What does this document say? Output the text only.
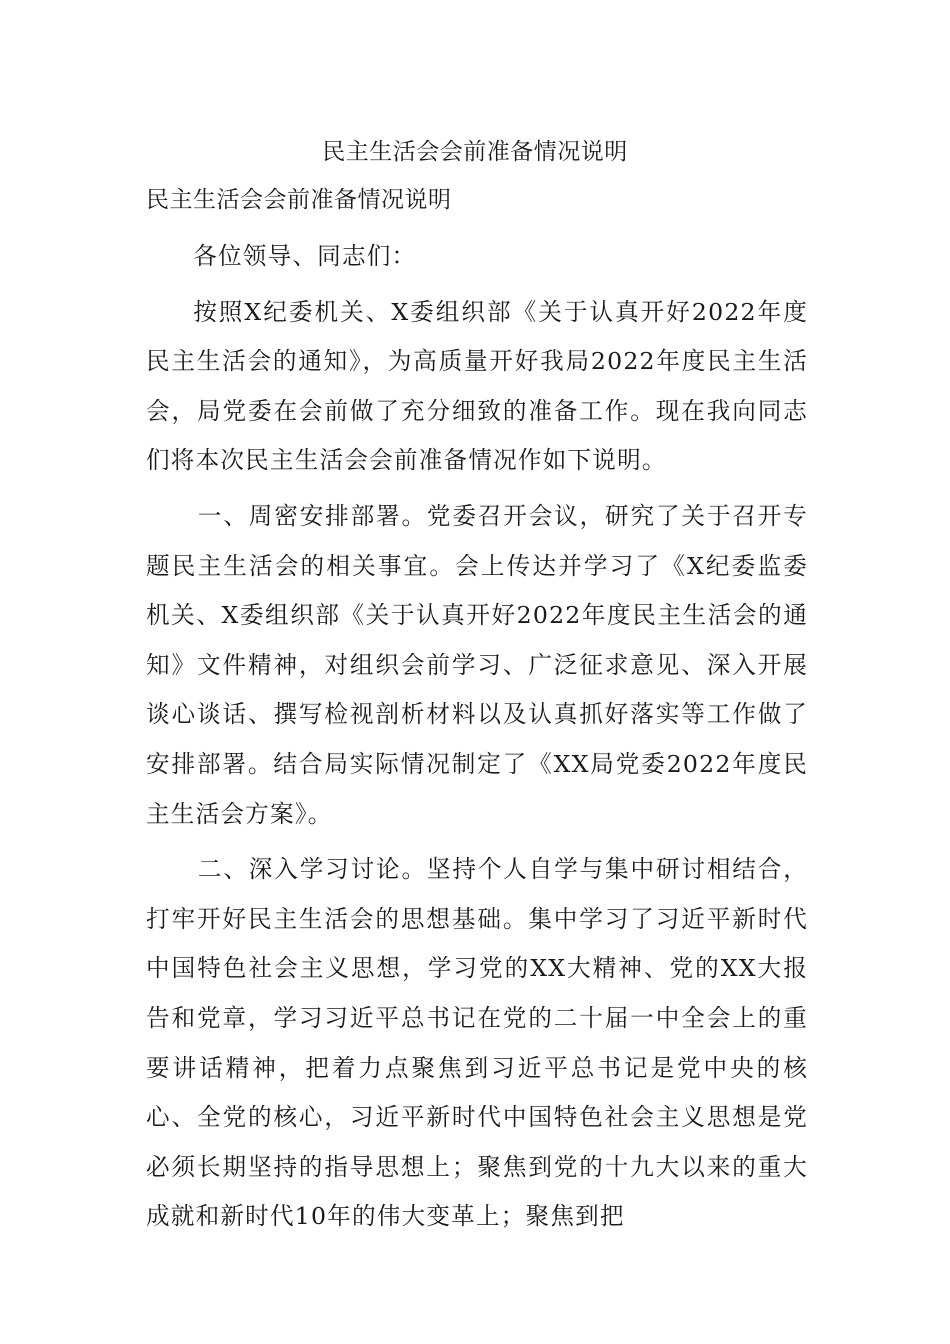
民主生活会会前准备情况说明
民主生活会会前准备情况说明

各位领导、同志们：

按照X纪委机关、X委组织部《关于认真开好2022年度民主生活会的通知》，为高质量开好我局2022年度民主生活会，局党委在会前做了充分细致的准备工作。现在我向同志们将本次民主生活会会前准备情况作如下说明。

一、周密安排部署。党委召开会议，研究了关于召开专题民主生活会的相关事宜。会上传达并学习了《X纪委监委机关、X委组织部《关于认真开好2022年度民主生活会的通知》文件精神，对组织会前学习、广泛征求意见、深入开展谈心谈话、撰写检视剖析材料以及认真抓好落实等工作做了安排部署。结合局实际情况制定了《XX局党委2022年度民主生活会方案》。

二、深入学习讨论。坚持个人自学与集中研讨相结合，打牢开好民主生活会的思想基础。集中学习了习近平新时代中国特色社会主义思想，学习党的XX大精神、党的XX大报告和党章，学习习近平总书记在党的二十届一中全会上的重要讲话精神，把着力点聚焦到习近平总书记是党中央的核心、全党的核心，习近平新时代中国特色社会主义思想是党必须长期坚持的指导思想上；聚焦到党的十九大以来的重大成就和新时代10年的伟大变革上；聚焦到把
